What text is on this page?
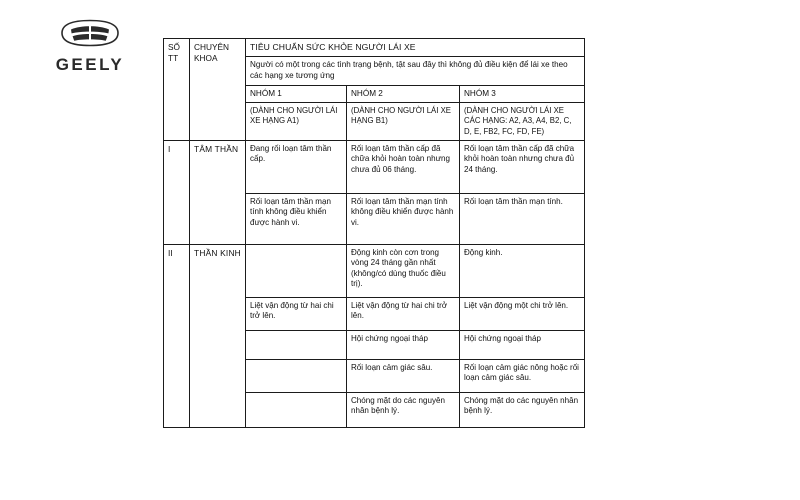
GEELY
SỐ TT	CHUYÊN KHOA	TIÊU CHUẨN SỨC KHỎE NGƯỜI LÁI XE		
		Người có một trong các tình trạng bệnh, tật sau đây thì không đủ điều kiện để lái xe theo các hạng xe tương ứng		
		NHÓM 1	NHÓM 2	NHÓM 3
		(DÀNH CHO NGƯỜI LÁI XE HẠNG A1)	(DÀNH CHO NGƯỜI LÁI XE HẠNG B1)	(DÀNH CHO NGƯỜI LÁI XE CÁC HẠNG: A2, A3, A4, B2, C, D, E, FB2, FC, FD, FE)
I	TÂM THẦN	Đang rối loạn tâm thần cấp.	Rối loạn tâm thần cấp đã chữa khỏi hoàn toàn nhưng chưa đủ 06 tháng.	Rối loạn tâm thần cấp đã chữa khỏi hoàn toàn nhưng chưa đủ 24 tháng.
		Rối loạn tâm thần mạn tính không điều khiển được hành vi.	Rối loạn tâm thần mạn tính không điều khiển được hành vi.	Rối loạn tâm thần mạn tính.
II	THẦN KINH		Động kinh còn cơn trong vòng 24 tháng gần nhất (không/có dùng thuốc điều trị).	Động kinh.
		Liệt vận động từ hai chi trở lên.	Liệt vận động từ hai chi trở lên.	Liệt vận động một chi trở lên.
			Hội chứng ngoại tháp	Hội chứng ngoại tháp
			Rối loạn cảm giác sâu.	Rối loạn cảm giác nông hoặc rối loạn cảm giác sâu.
			Chóng mặt do các nguyên nhân bệnh lý.	Chóng mặt do các nguyên nhân bệnh lý.
